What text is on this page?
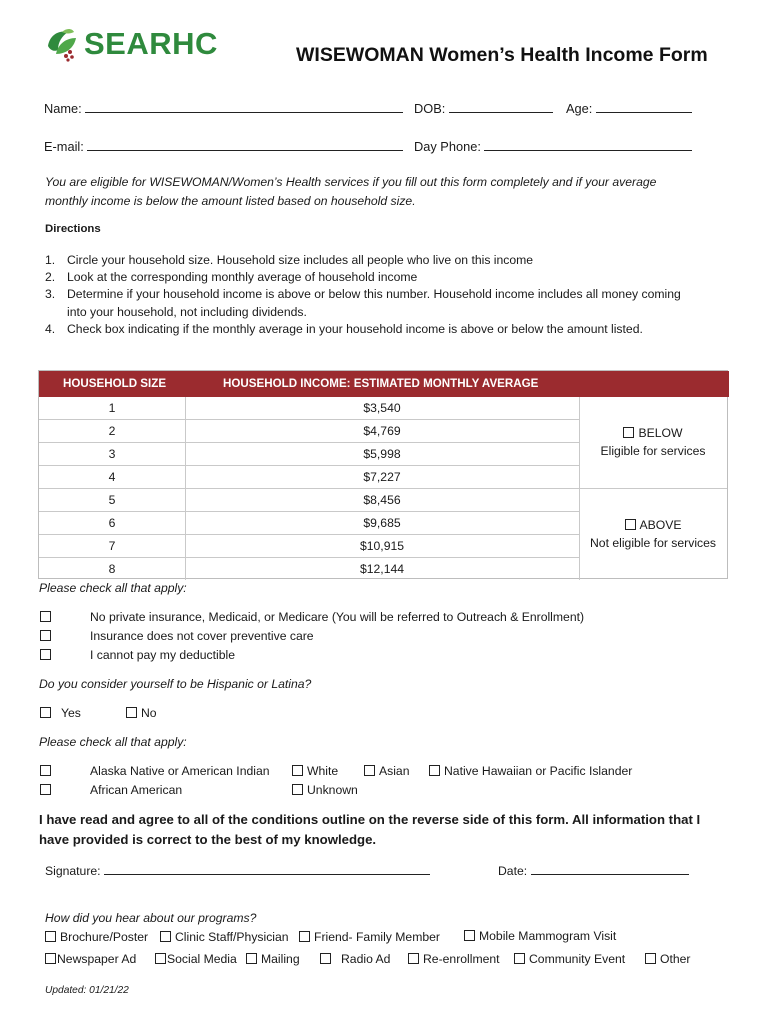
SEARHC	WISEWOMAN Women’s Health Income Form
Name:	DOB:	Age:
E-mail:	Day Phone:
You are eligible for WISEWOMAN/Women’s Health services if you fill out this form completely and if your average
monthly income is below the amount listed based on household size.
Directions
1. Circle your household size. Household size includes all people who live on this income
2. Look at the corresponding monthly average of household income
3. Determine if your household income is above or below this number. Household income includes all money coming
into your household, not including dividends.
4. Check box indicating if the monthly average in your household income is above or below the amount listed.
HOUSEHOLD SIZE	HOUSEHOLD INCOME: ESTIMATED MONTHLY AVERAGE
1	$3,540
2	$4,769
3	$5,998
4	$7,227
5	$8,456
6	$9,685
7	$10,915
8	$12,144
BELOW
Eligible for services
ABOVE
Not eligible for services
Please check all that apply:
No private insurance, Medicaid, or Medicare (You will be referred to Outreach & Enrollment)
Insurance does not cover preventive care
I cannot pay my deductible
Do you consider yourself to be Hispanic or Latina?
Yes	No
Please check all that apply:
Alaska Native or American Indian
African American
White
Unknown
Asian	Native Hawaiian or Pacific Islander
I have read and agree to all of the conditions outline on the reverse side of this form. All information that I
have provided is correct to the best of my knowledge.
Signature:	Date:
How did you hear about our programs?
Brochure/Poster	Clinic Staff/Physician	Friend- Family Member	Mobile Mammogram Visit
Newspaper Ad	Social Media	Mailing	Radio Ad	Re-enrollment	Community Event	Other
Updated: 01/21/22
